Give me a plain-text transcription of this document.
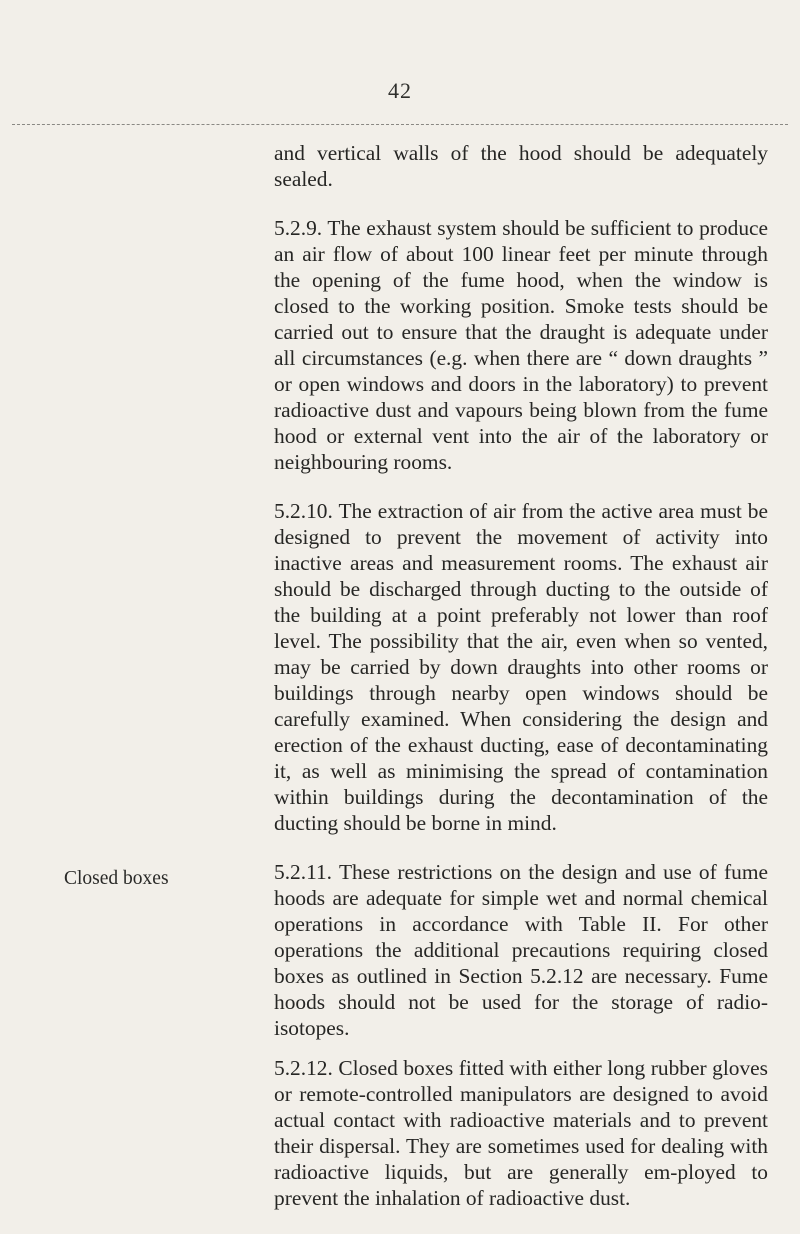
42
Closed boxes

and vertical walls of the hood should be adequately sealed.

5.2.9. The exhaust system should be sufficient to produce an air flow of about 100 linear feet per minute through the opening of the fume hood, when the window is closed to the working position. Smoke tests should be carried out to ensure that the draught is adequate under all circumstances (e.g. when there are “ down draughts ” or open windows and doors in the laboratory) to prevent radioactive dust and vapours being blown from the fume hood or external vent into the air of the laboratory or neighbouring rooms.

5.2.10. The extraction of air from the active area must be designed to prevent the movement of activity into inactive areas and measurement rooms. The exhaust air should be discharged through ducting to the outside of the building at a point preferably not lower than roof level. The possibility that the air, even when so vented, may be carried by down draughts into other rooms or buildings through nearby open windows should be carefully examined. When considering the design and erection of the exhaust ducting, ease of decontaminating it, as well as minimising the spread of contamination within buildings during the decontamination of the ducting should be borne in mind.

5.2.11. These restrictions on the design and use of fume hoods are adequate for simple wet and normal chemical operations in accordance with Table II. For other operations the additional precautions requiring closed boxes as outlined in Section 5.2.12 are necessary. Fume hoods should not be used for the storage of radio-isotopes.

5.2.12. Closed boxes fitted with either long rubber gloves or remote-controlled manipulators are designed to avoid actual contact with radioactive materials and to prevent their dispersal. They are sometimes used for dealing with radioactive liquids, but are generally em-ployed to prevent the inhalation of radioactive dust.
